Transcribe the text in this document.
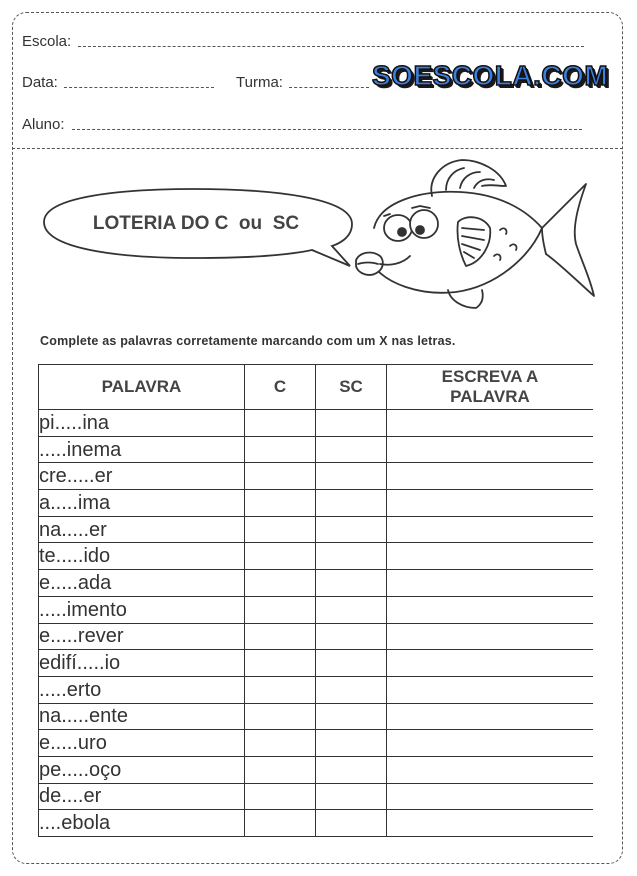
Escola:
Data:	Turma:	SOESCOLA.COM
Aluno:
LOTERIA DO C  ou  SC
Complete as palavras corretamente marcando com um X nas letras.
PALAVRA	C	SC	ESCREVA A PALAVRA
pi.....ina			
.....inema			
cre.....er			
a.....ima			
na.....er			
te.....ido			
e.....ada			
.....imento			
e.....rever			
edifí.....io			
.....erto			
na.....ente			
e.....uro			
pe.....oço			
de....er			
....ebola			
